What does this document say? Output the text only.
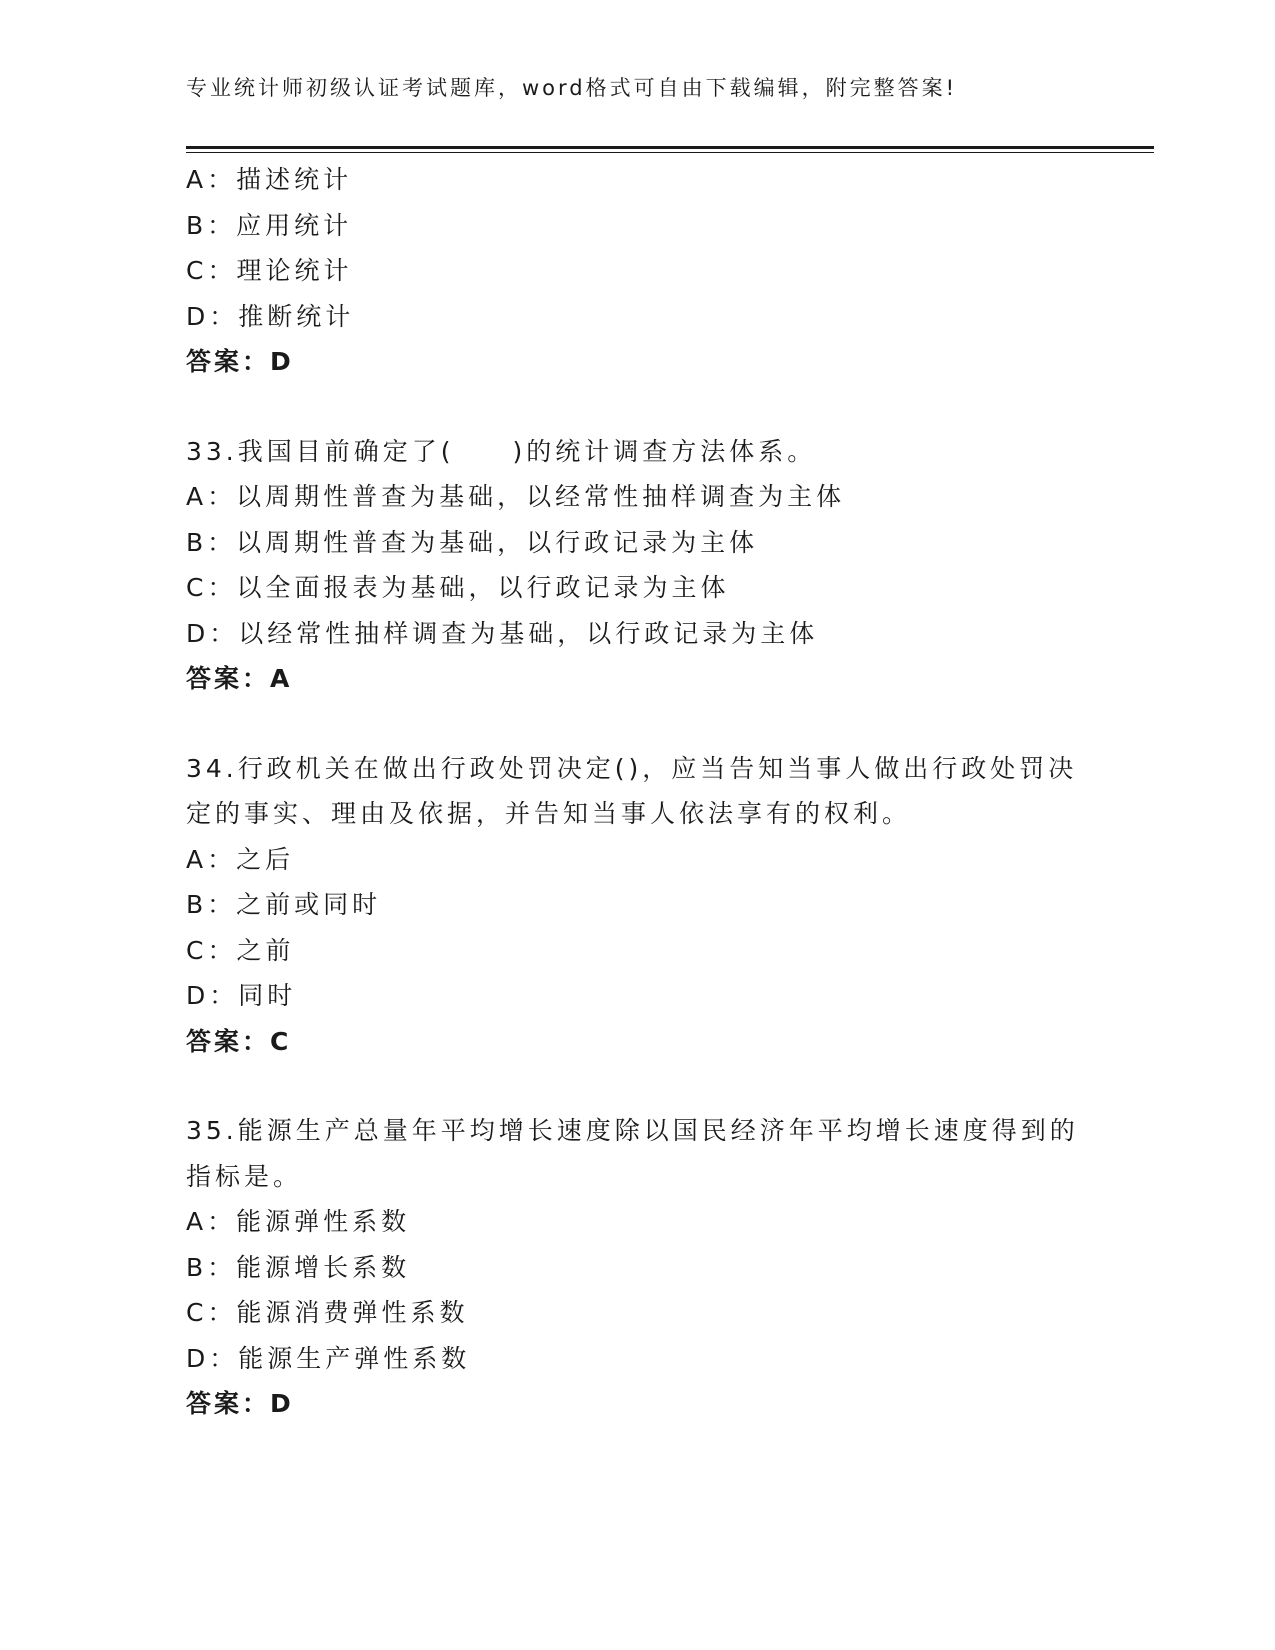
专业统计师初级认证考试题库，word格式可自由下载编辑，附完整答案!
A：描述统计
B：应用统计
C：理论统计
D：推断统计
答案：D
33.我国目前确定了(　　)的统计调查方法体系。
A：以周期性普查为基础，以经常性抽样调查为主体
B：以周期性普查为基础，以行政记录为主体
C：以全面报表为基础，以行政记录为主体
D：以经常性抽样调查为基础，以行政记录为主体
答案：A
34.行政机关在做出行政处罚决定()，应当告知当事人做出行政处罚决
定的事实、理由及依据，并告知当事人依法享有的权利。
A：之后
B：之前或同时
C：之前
D：同时
答案：C
35.能源生产总量年平均增长速度除以国民经济年平均增长速度得到的
指标是。
A：能源弹性系数
B：能源增长系数
C：能源消费弹性系数
D：能源生产弹性系数
答案：D
